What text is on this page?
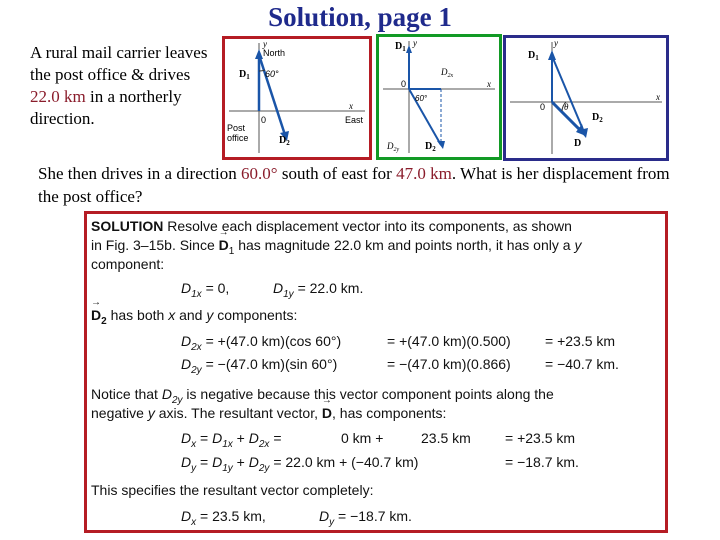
Solution, page 1
A rural mail carrier leaves the post office & drives 22.0 km in a northerly direction.
y
North
$D_1$ 60°
0
x
East
Post
office	$D_2$
$D_1$
y
$D_{2x}$
0
60°
x
$D_{2y}$	$D_2$
y
$D_1$
0 θ
x
$D_2$
D
She then drives in a direction 60.0° south of east for 47.0 km. What is her displacement from the post office?
SOLUTION Resolve each displacement vector into its components, as shown
in Fig. 3–15b. Since → $D_1$ has magnitude 22.0 km and points north, it has only a y
component:
$D_{1x} = 0$,	$D_{1y} = 22.0$ km.
→ $D_2$ has both x and y components:
$D_{2x} = +(47.0$ km)(cos 60°)	= +(47.0 km)(0.500) = +23.5 km
$D_{2y} = -(47.0$ km)(sin 60°)	= −(47.0 km)(0.866) = −40.7 km.
Notice that $D_{2y}$ is negative because this vector component points along the
negative y axis. The resultant vector, → D, has components:
$D_x = D_{1x} + D_{2x}$ =	0 km +	23.5 km = +23.5 km
$D_y = D_{1y} + D_{2y} = 22.0$ km + (−40.7 km)	= −18.7 km.
This specifies the resultant vector completely:
$D_x = 23.5$ km,	$D_y = -18.7$ km.
